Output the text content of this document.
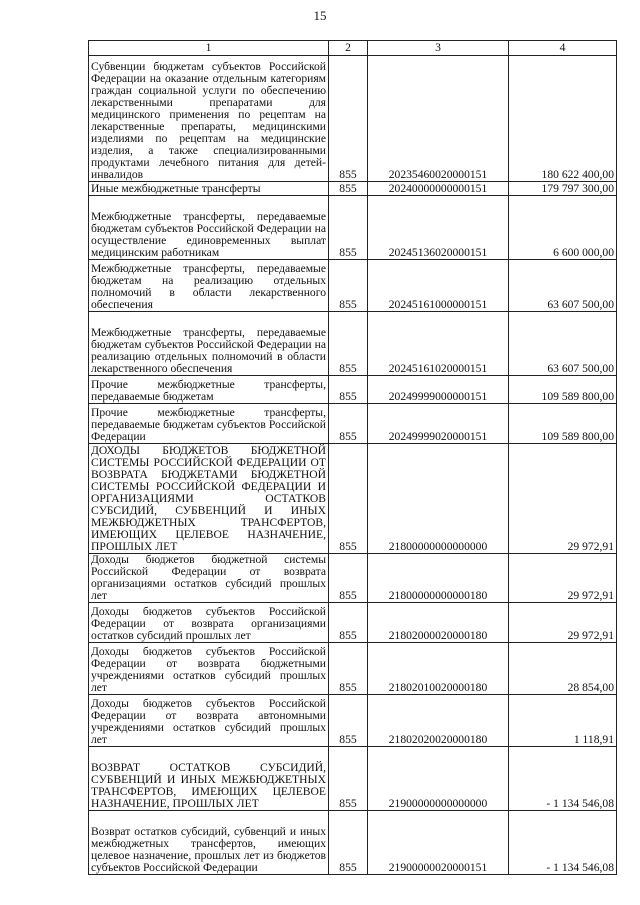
15
1	2	3	4

Субвенции бюджетам субъектов Российской Федерации на оказание отдельным категориям граждан социальной услуги по обеспечению лекарственными препаратами для медицинского применения по рецептам на лекарственные препараты, медицинскими изделиями по рецептам на медицинские изделия, а также специализированными продуктами лечебного питания для детей-инвалидов	855	20235460020000151	180 622 400,00

Иные межбюджетные трансферты	855	20240000000000151	179 797 300,00

Межбюджетные трансферты, передаваемые бюджетам субъектов Российской Федерации на осуществление единовременных выплат медицинским работникам	855	20245136020000151	6 600 000,00

Межбюджетные трансферты, передаваемые бюджетам на реализацию отдельных полномочий в области лекарственного обеспечения	855	20245161000000151	63 607 500,00

Межбюджетные трансферты, передаваемые бюджетам субъектов Российской Федерации на реализацию отдельных полномочий в области лекарственного обеспечения	855	20245161020000151	63 607 500,00

Прочие межбюджетные трансферты, передаваемые бюджетам	855	20249999000000151	109 589 800,00

Прочие межбюджетные трансферты, передаваемые бюджетам субъектов Российской Федерации	855	20249999020000151	109 589 800,00

ДОХОДЫ БЮДЖЕТОВ БЮДЖЕТНОЙ СИСТЕМЫ РОССИЙСКОЙ ФЕДЕРАЦИИ ОТ ВОЗВРАТА БЮДЖЕТАМИ БЮДЖЕТНОЙ СИСТЕМЫ РОССИЙСКОЙ ФЕДЕРАЦИИ И ОРГАНИЗАЦИЯМИ ОСТАТКОВ СУБСИДИЙ, СУБВЕНЦИЙ И ИНЫХ МЕЖБЮДЖЕТНЫХ ТРАНСФЕРТОВ, ИМЕЮЩИХ ЦЕЛЕВОЕ НАЗНАЧЕНИЕ, ПРОШЛЫХ ЛЕТ	855	21800000000000000	29 972,91

Доходы бюджетов бюджетной системы Российской Федерации от возврата организациями остатков субсидий прошлых лет	855	21800000000000180	29 972,91

Доходы бюджетов субъектов Российской Федерации от возврата организациями остатков субсидий прошлых лет	855	21802000020000180	29 972,91

Доходы бюджетов субъектов Российской Федерации от возврата бюджетными учреждениями остатков субсидий прошлых лет	855	21802010020000180	28 854,00

Доходы бюджетов субъектов Российской Федерации от возврата автономными учреждениями остатков субсидий прошлых лет	855	21802020020000180	1 118,91

ВОЗВРАТ ОСТАТКОВ СУБСИДИЙ, СУБВЕНЦИЙ И ИНЫХ МЕЖБЮДЖЕТНЫХ ТРАНСФЕРТОВ, ИМЕЮЩИХ ЦЕЛЕВОЕ НАЗНАЧЕНИЕ, ПРОШЛЫХ ЛЕТ	855	21900000000000000	- 1 134 546,08

Возврат остатков субсидий, субвенций и иных межбюджетных трансфертов, имеющих целевое назначение, прошлых лет из бюджетов субъектов Российской Федерации	855	21900000020000151	- 1 134 546,08
